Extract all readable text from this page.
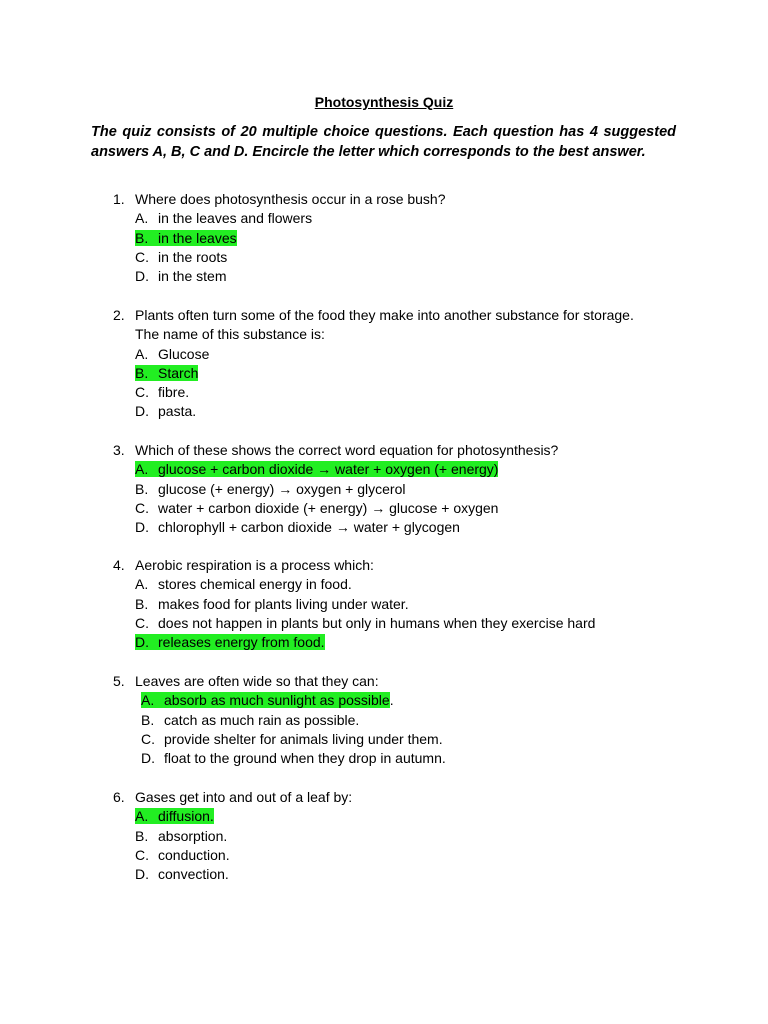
Photosynthesis Quiz
The quiz consists of 20 multiple choice questions. Each question has 4 suggested answers A, B, C and D. Encircle the letter which corresponds to the best answer.
1. Where does photosynthesis occur in a rose bush?
A. in the leaves and flowers
B. in the leaves
C. in the roots
D. in the stem
2. Plants often turn some of the food they make into another substance for storage.
The name of this substance is:
A. Glucose
B. Starch
C. fibre.
D. pasta.
3. Which of these shows the correct word equation for photosynthesis?
A. glucose + carbon dioxide → water + oxygen (+ energy)
B. glucose (+ energy) → oxygen + glycerol
C. water + carbon dioxide (+ energy) → glucose + oxygen
D. chlorophyll + carbon dioxide → water + glycogen
4. Aerobic respiration is a process which:
A. stores chemical energy in food.
B. makes food for plants living under water.
C. does not happen in plants but only in humans when they exercise hard
D. releases energy from food.
5. Leaves are often wide so that they can:
A. absorb as much sunlight as possible.
B. catch as much rain as possible.
C. provide shelter for animals living under them.
D. float to the ground when they drop in autumn.
6. Gases get into and out of a leaf by:
A. diffusion.
B. absorption.
C. conduction.
D. convection.
